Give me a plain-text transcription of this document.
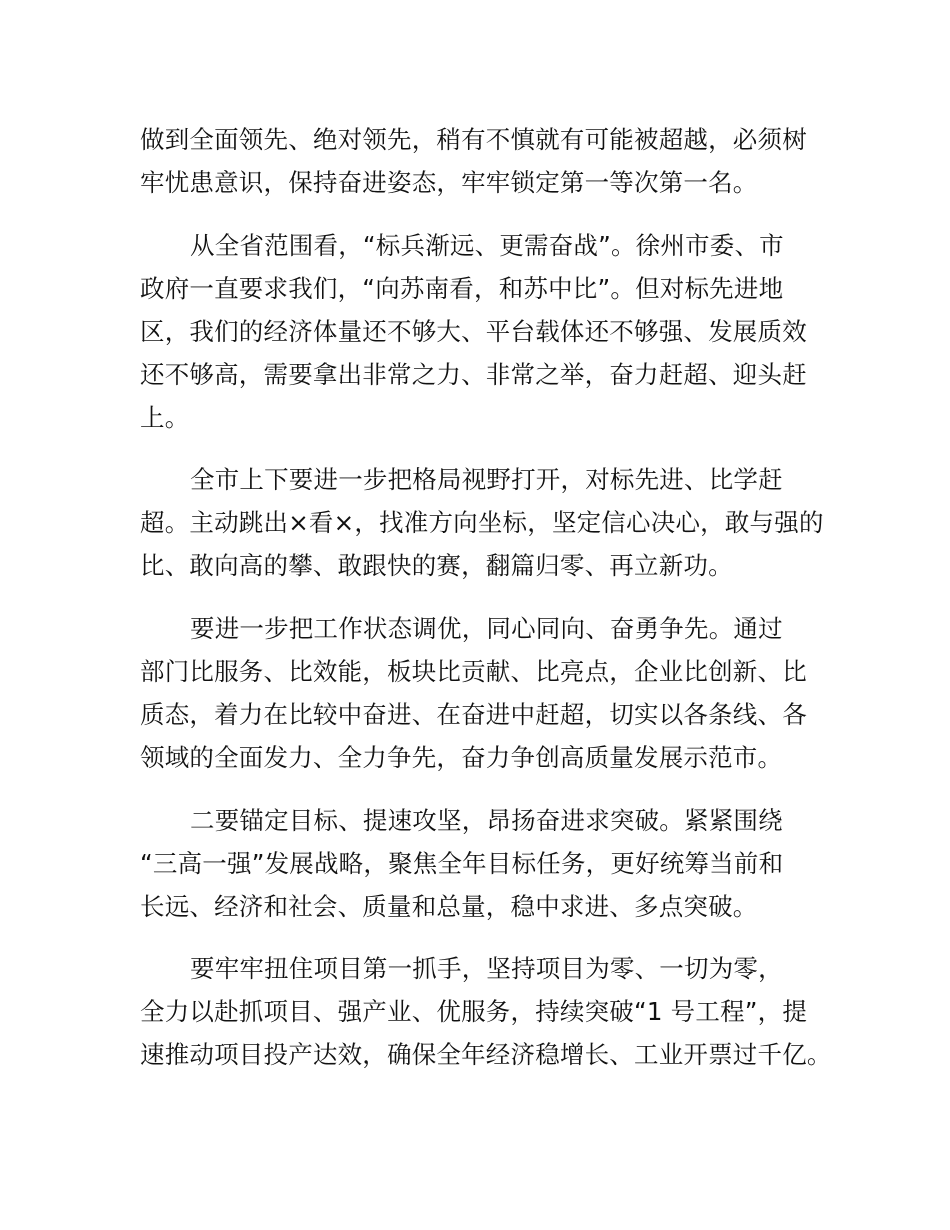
做到全面领先、绝对领先，稍有不慎就有可能被超越，必须树

牢忧患意识，保持奋进姿态，牢牢锁定第一等次第一名。

从全省范围看，“标兵渐远、更需奋战”。徐州市委、市

政府一直要求我们，“向苏南看，和苏中比”。但对标先进地

区，我们的经济体量还不够大、平台载体还不够强、发展质效

还不够高，需要拿出非常之力、非常之举，奋力赶超、迎头赶

上。

全市上下要进一步把格局视野打开，对标先进、比学赶

超。主动跳出×看×，找准方向坐标，坚定信心决心，敢与强的

比、敢向高的攀、敢跟快的赛，翻篇归零、再立新功。

要进一步把工作状态调优，同心同向、奋勇争先。通过

部门比服务、比效能，板块比贡献、比亮点，企业比创新、比

质态，着力在比较中奋进、在奋进中赶超，切实以各条线、各

领域的全面发力、全力争先，奋力争创高质量发展示范市。

二要锚定目标、提速攻坚，昂扬奋进求突破。紧紧围绕

“三高一强”发展战略，聚焦全年目标任务，更好统筹当前和

长远、经济和社会、质量和总量，稳中求进、多点突破。

要牢牢扭住项目第一抓手，坚持项目为零、一切为零，

全力以赴抓项目、强产业、优服务，持续突破“1 号工程”，提

速推动项目投产达效，确保全年经济稳增长、工业开票过千亿。
